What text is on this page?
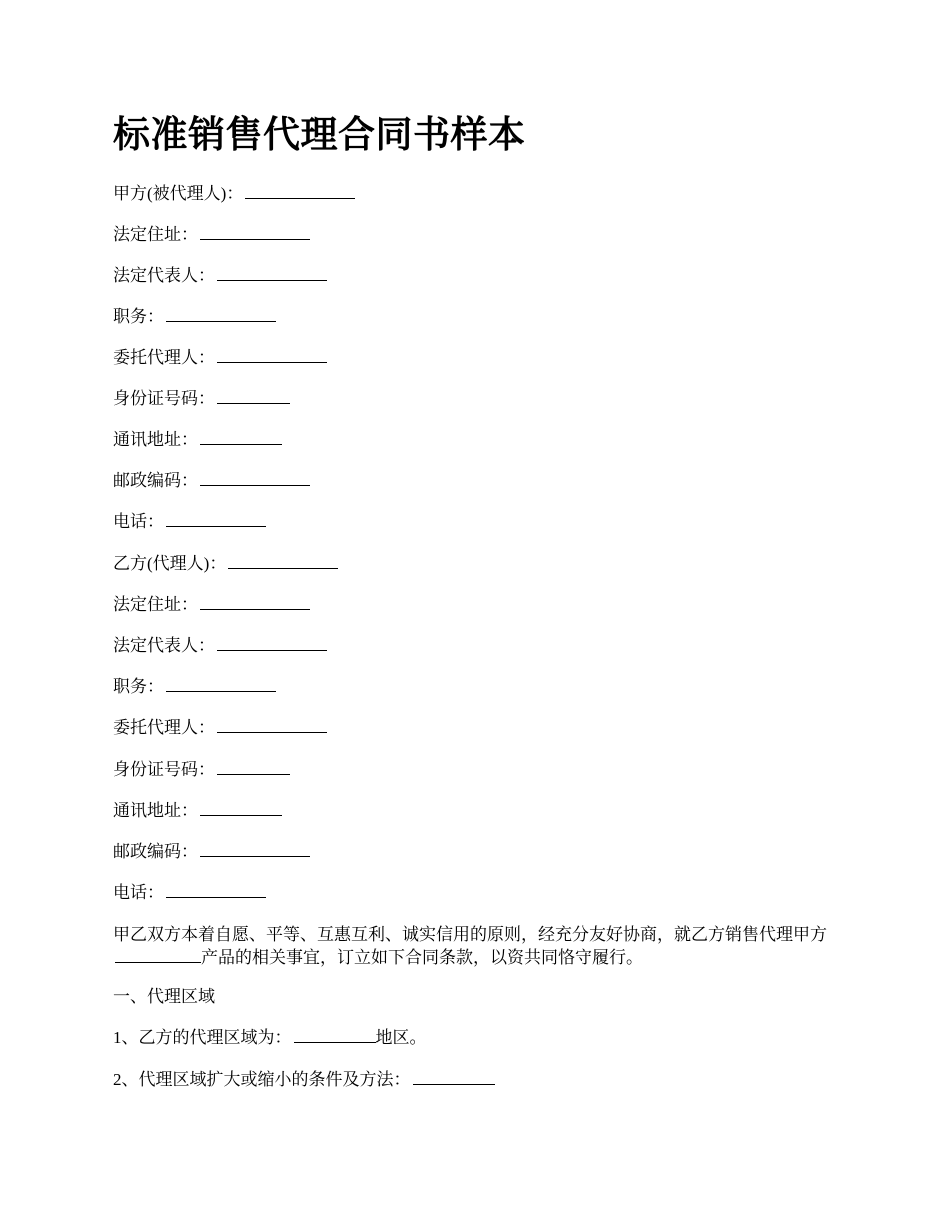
标准销售代理合同书样本
甲方(被代理人)：
法定住址：
法定代表人：
职务：
委托代理人：
身份证号码：
通讯地址：
邮政编码：
电话：
乙方(代理人)：
法定住址：
法定代表人：
职务：
委托代理人：
身份证号码：
通讯地址：
邮政编码：
电话：
甲乙双方本着自愿、平等、互惠互利、诚实信用的原则，经充分友好协商，就乙方销售代理甲方产品的相关事宜，订立如下合同条款，以资共同恪守履行。
一、代理区域
1、乙方的代理区域为：	地区。
2、代理区域扩大或缩小的条件及方法：
